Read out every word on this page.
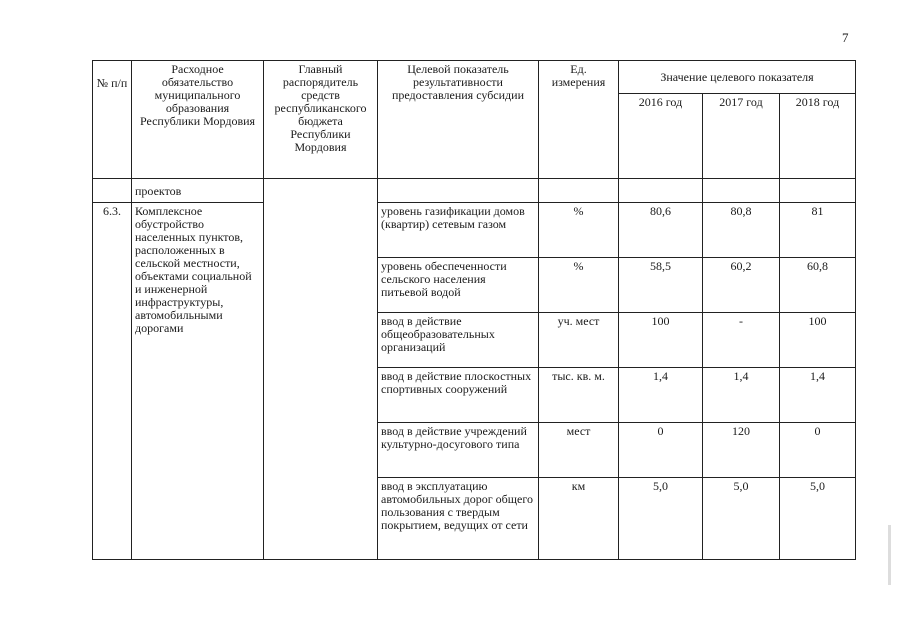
7
№ п/п	Расходное обязательство муниципального образования Республики Мордовия	Главный распорядитель средств республиканского бюджета Республики Мордовия	Целевой показатель результативности предоставления субсидии	Ед. измерения	Значение целевого показателя		
					2016 год	2017 год	2018 год
	проектов						
6.3.	Комплексное обустройство населенных пунктов, расположенных в сельской местности, объектами социальной и инженерной инфраструктуры, автомобильными дорогами		уровень газификации домов (квартир) сетевым газом	%	80,6	80,8	81
			уровень обеспеченности сельского населения питьевой водой	%	58,5	60,2	60,8
			ввод в действие общеобразовательных организаций	уч. мест	100	-	100
			ввод в действие плоскостных спортивных сооружений	тыс. кв. м.	1,4	1,4	1,4
			ввод в действие учреждений культурно-досугового типа	мест	0	120	0
			ввод в эксплуатацию автомобильных дорог общего пользования с твердым покрытием, ведущих от сети	км	5,0	5,0	5,0
